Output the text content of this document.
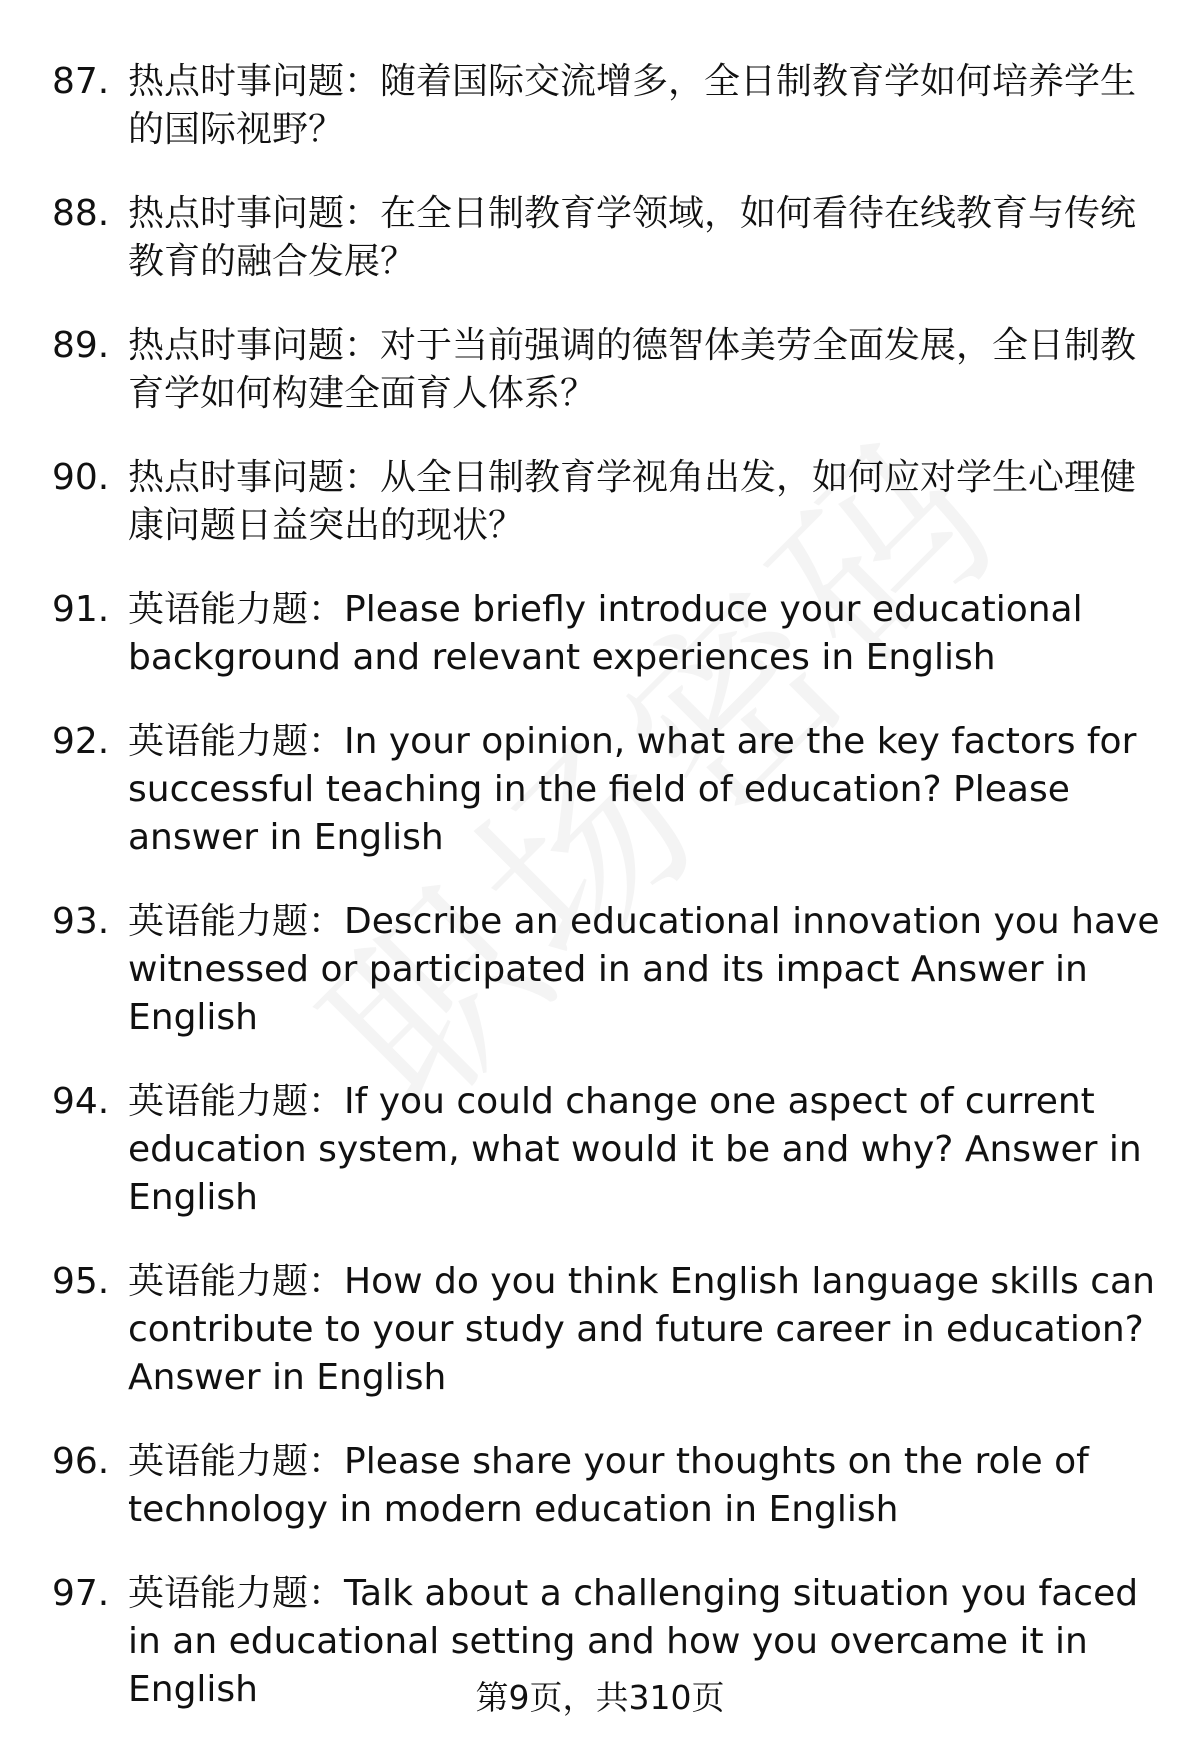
87. 热点时事问题：随着国际交流增多，全日制教育学如何培养学生的国际视野？
88. 热点时事问题：在全日制教育学领域，如何看待在线教育与传统教育的融合发展？
89. 热点时事问题：对于当前强调的德智体美劳全面发展，全日制教育学如何构建全面育人体系？
90. 热点时事问题：从全日制教育学视角出发，如何应对学生心理健康问题日益突出的现状？
91. 英语能力题：Please briefly introduce your educational background and relevant experiences in English
92. 英语能力题：In your opinion, what are the key factors for successful teaching in the field of education? Please answer in English
93. 英语能力题：Describe an educational innovation you have witnessed or participated in and its impact Answer in English
94. 英语能力题：If you could change one aspect of current education system, what would it be and why? Answer in English
95. 英语能力题：How do you think English language skills can contribute to your study and future career in education? Answer in English
96. 英语能力题：Please share your thoughts on the role of technology in modern education in English
97. 英语能力题：Talk about a challenging situation you faced in an educational setting and how you overcame it in English	第9页，共310页
